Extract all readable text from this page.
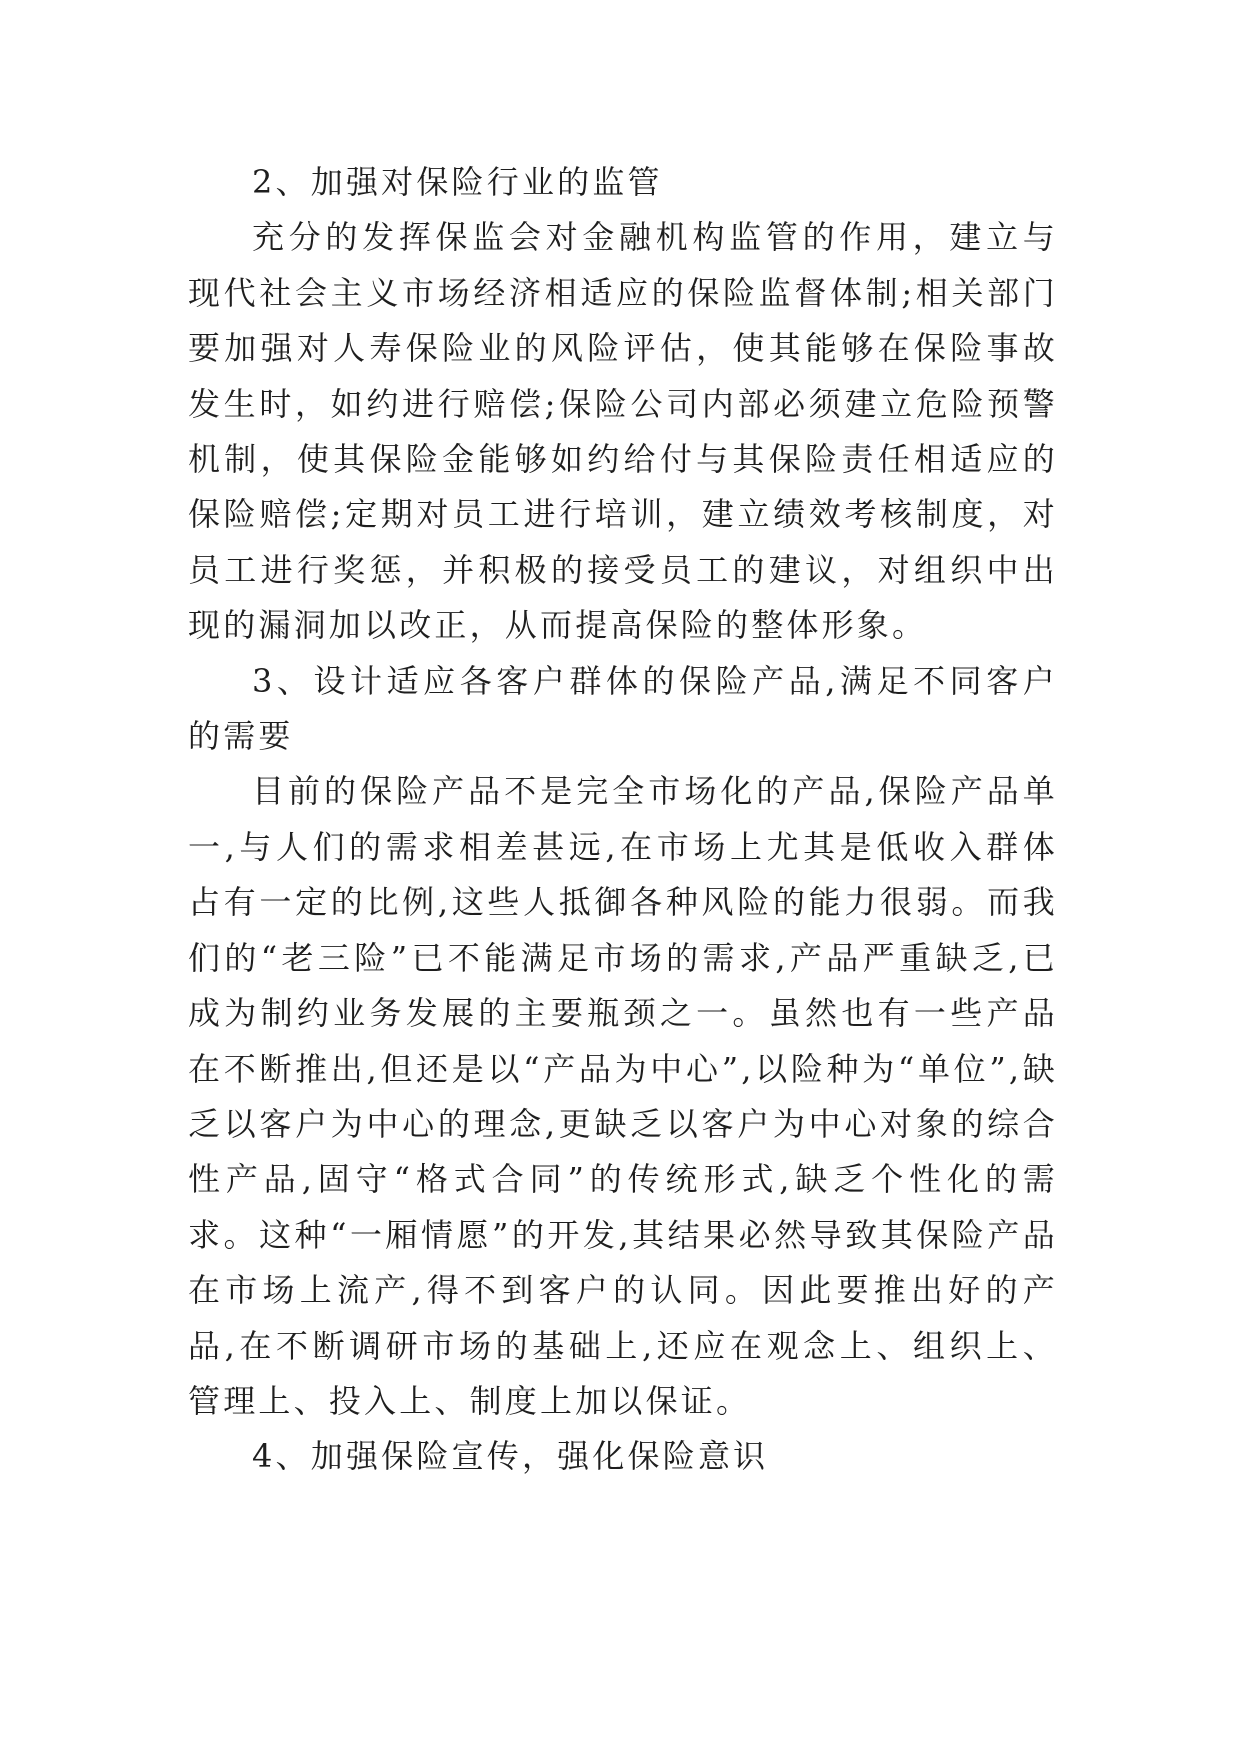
2、加强对保险行业的监管

充分的发挥保监会对金融机构监管的作用，建立与现代社会主义市场经济相适应的保险监督体制;相关部门要加强对人寿保险业的风险评估，使其能够在保险事故发生时，如约进行赔偿;保险公司内部必须建立危险预警机制，使其保险金能够如约给付与其保险责任相适应的保险赔偿;定期对员工进行培训，建立绩效考核制度，对员工进行奖惩，并积极的接受员工的建议，对组织中出现的漏洞加以改正，从而提高保险的整体形象。

3、设计适应各客户群体的保险产品,满足不同客户的需要

目前的保险产品不是完全市场化的产品,保险产品单一,与人们的需求相差甚远,在市场上尤其是低收入群体占有一定的比例,这些人抵御各种风险的能力很弱。而我们的“老三险”已不能满足市场的需求,产品严重缺乏,已成为制约业务发展的主要瓶颈之一。虽然也有一些产品在不断推出,但还是以“产品为中心”,以险种为“单位”,缺乏以客户为中心的理念,更缺乏以客户为中心对象的综合性产品,固守“格式合同”的传统形式,缺乏个性化的需求。这种“一厢情愿”的开发,其结果必然导致其保险产品在市场上流产,得不到客户的认同。因此要推出好的产品,在不断调研市场的基础上,还应在观念上、组织上、管理上、投入上、制度上加以保证。

4、加强保险宣传，强化保险意识
